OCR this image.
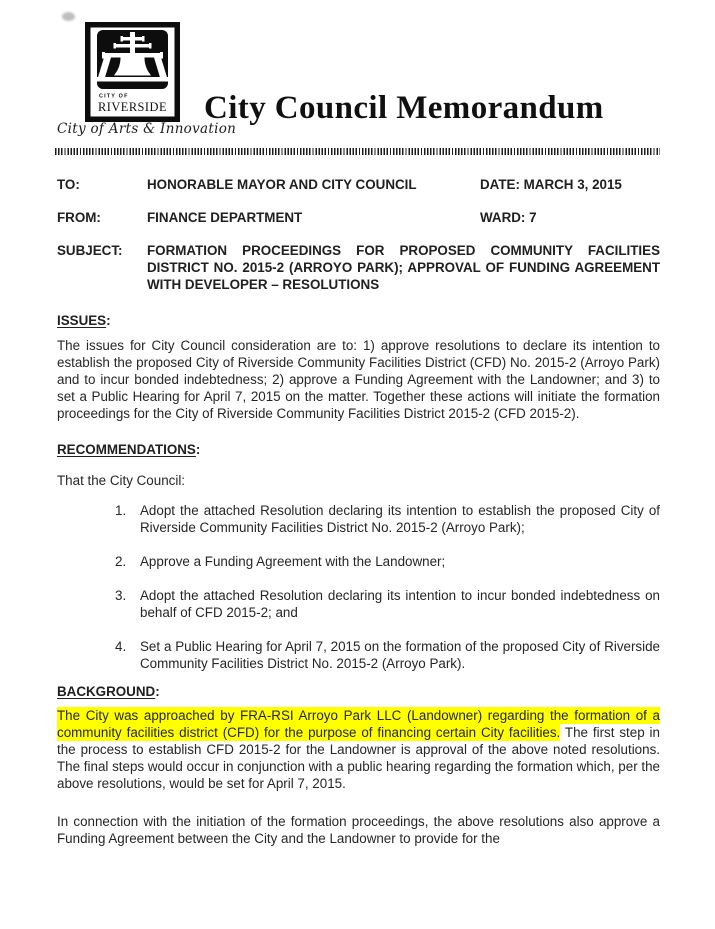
CITY OF
RIVERSIDE
City of Arts & Innovation
City Council Memorandum
TO:	HONORABLE MAYOR AND CITY COUNCIL	DATE: MARCH 3, 2015
FROM:	FINANCE DEPARTMENT	WARD: 7
SUBJECT:	FORMATION PROCEEDINGS FOR PROPOSED COMMUNITY FACILITIES DISTRICT NO. 2015-2 (ARROYO PARK); APPROVAL OF FUNDING AGREEMENT WITH DEVELOPER – RESOLUTIONS

ISSUES:

The issues for City Council consideration are to: 1) approve resolutions to declare its intention to establish the proposed City of Riverside Community Facilities District (CFD) No. 2015-2 (Arroyo Park) and to incur bonded indebtedness; 2) approve a Funding Agreement with the Landowner; and 3) to set a Public Hearing for April 7, 2015 on the matter. Together these actions will initiate the formation proceedings for the City of Riverside Community Facilities District 2015-2 (CFD 2015-2).

RECOMMENDATIONS:

That the City Council:

1.	Adopt the attached Resolution declaring its intention to establish the proposed City of Riverside Community Facilities District No. 2015-2 (Arroyo Park);
2.	Approve a Funding Agreement with the Landowner;
3.	Adopt the attached Resolution declaring its intention to incur bonded indebtedness on behalf of CFD 2015-2; and
4.	Set a Public Hearing for April 7, 2015 on the formation of the proposed City of Riverside Community Facilities District No. 2015-2 (Arroyo Park).

BACKGROUND:

The City was approached by FRA-RSI Arroyo Park LLC (Landowner) regarding the formation of a community facilities district (CFD) for the purpose of financing certain City facilities. The first step in the process to establish CFD 2015-2 for the Landowner is approval of the above noted resolutions. The final steps would occur in conjunction with a public hearing regarding the formation which, per the above resolutions, would be set for April 7, 2015.

In connection with the initiation of the formation proceedings, the above resolutions also approve a Funding Agreement between the City and the Landowner to provide for the
